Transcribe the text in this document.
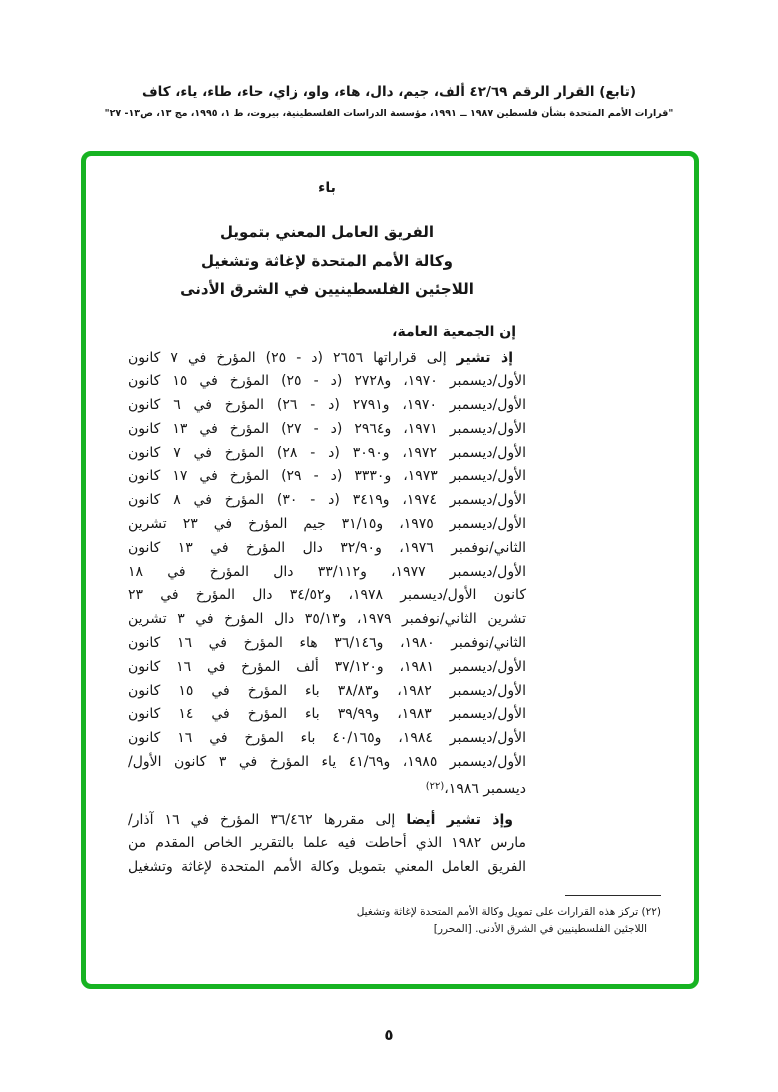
(تابع) القرار الرقم ٤٢/٦٩ ألف، جيم، دال، هاء، واو، زاي، حاء، طاء، ياء، كاف
"قرارات الأمم المتحدة بشأن فلسطين ١٩٨٧ ــ ١٩٩١، مؤسسة الدراسات الفلسطينية، بيروت، ط ١، ١٩٩٥، مج ١٣، ص١٣- ٢٧"
باء
الفريق العامل المعني بتمويل
وكالة الأمم المتحدة لإغاثة وتشغيل
اللاجئين الفلسطينيين في الشرق الأدنى
إن الجمعية العامة،
إذ تشير إلى قراراتها ٢٦٥٦ (د - ٢٥) المؤرخ في ٧ كانون
الأول/ديسمبر ١٩٧٠، و٢٧٢٨ (د - ٢٥) المؤرخ في ١٥ كانون
الأول/ديسمبر ١٩٧٠، و٢٧٩١ (د - ٢٦) المؤرخ في ٦ كانون
الأول/ديسمبر ١٩٧١، و٢٩٦٤ (د - ٢٧) المؤرخ في ١٣ كانون
الأول/ديسمبر ١٩٧٢، و٣٠٩٠ (د - ٢٨) المؤرخ في ٧ كانون
الأول/ديسمبر ١٩٧٣، و٣٣٣٠ (د - ٢٩) المؤرخ في ١٧ كانون
الأول/ديسمبر ١٩٧٤، و٣٤١٩ (د - ٣٠) المؤرخ في ٨ كانون
الأول/ديسمبر ١٩٧٥، و٣١/١٥ جيم المؤرخ في ٢٣ تشرين
الثاني/نوفمبر ١٩٧٦، و٣٢/٩٠ دال المؤرخ في ١٣ كانون
الأول/ديسمبر ١٩٧٧، و٣٣/١١٢ دال المؤرخ في ١٨
كانون الأول/ديسمبر ١٩٧٨، و٣٤/٥٢ دال المؤرخ في ٢٣
تشرين الثاني/نوفمبر ١٩٧٩، و٣٥/١٣ دال المؤرخ في ٣ تشرين
الثاني/نوفمبر ١٩٨٠، و٣٦/١٤٦ هاء المؤرخ في ١٦ كانون
الأول/ديسمبر ١٩٨١، و٣٧/١٢٠ ألف المؤرخ في ١٦ كانون
الأول/ديسمبر ١٩٨٢، و٣٨/٨٣ باء المؤرخ في ١٥ كانون
الأول/ديسمبر ١٩٨٣، و٣٩/٩٩ باء المؤرخ في ١٤ كانون
الأول/ديسمبر ١٩٨٤، و٤٠/١٦٥ باء المؤرخ في ١٦ كانون
الأول/ديسمبر ١٩٨٥، و٤١/٦٩ ياء المؤرخ في ٣ كانون الأول/
ديسمبر ١٩٨٦،$^{(٢٢)}$
وإذ تشير أيضا إلى مقررها ٣٦/٤٦٢ المؤرخ في ١٦ آذار/
مارس ١٩٨٢ الذي أحاطت فيه علما بالتقرير الخاص المقدم من
الفريق العامل المعني بتمويل وكالة الأمم المتحدة لإغاثة وتشغيل
(٢٢) تركز هذه القرارات على تمويل وكالة الأمم المتحدة لإغاثة وتشغيل
اللاجئين الفلسطينيين في الشرق الأدنى. [المحرر]
٥
